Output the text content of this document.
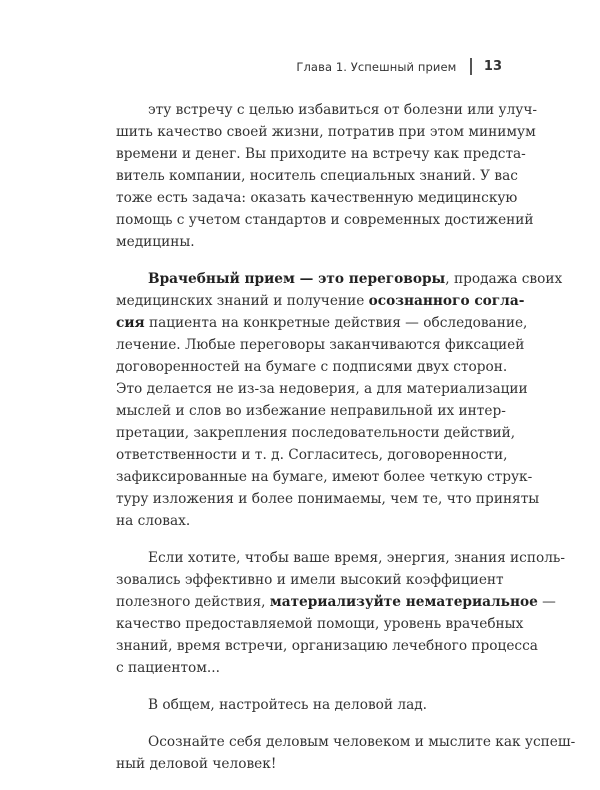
Глава 1. Успешный прием 13

эту встречу с целью избавиться от болезни или улуч-
шить качество своей жизни, потратив при этом минимум
времени и денег. Вы приходите на встречу как предста-
витель компании, носитель специальных знаний. У вас
тоже есть задача: оказать качественную медицинскую
помощь с учетом стандартов и современных достижений
медицины.

Врачебный прием — это переговоры, продажа своих
медицинских знаний и получение осознанного согла-
сия пациента на конкретные действия — обследование,
лечение. Любые переговоры заканчиваются фиксацией
договоренностей на бумаге с подписями двух сторон.
Это делается не из-за недоверия, а для материализации
мыслей и слов во избежание неправильной их интер-
претации, закрепления последовательности действий,
ответственности и т. д. Согласитесь, договоренности,
зафиксированные на бумаге, имеют более четкую струк-
туру изложения и более понимаемы, чем те, что приняты
на словах.

Если хотите, чтобы ваше время, энергия, знания исполь-
зовались эффективно и имели высокий коэффициент
полезного действия, материализуйте нематериальное —
качество предоставляемой помощи, уровень врачебных
знаний, время встречи, организацию лечебного процесса
с пациентом...

В общем, настройтесь на деловой лад.

Осознайте себя деловым человеком и мыслите как успеш-
ный деловой человек!
